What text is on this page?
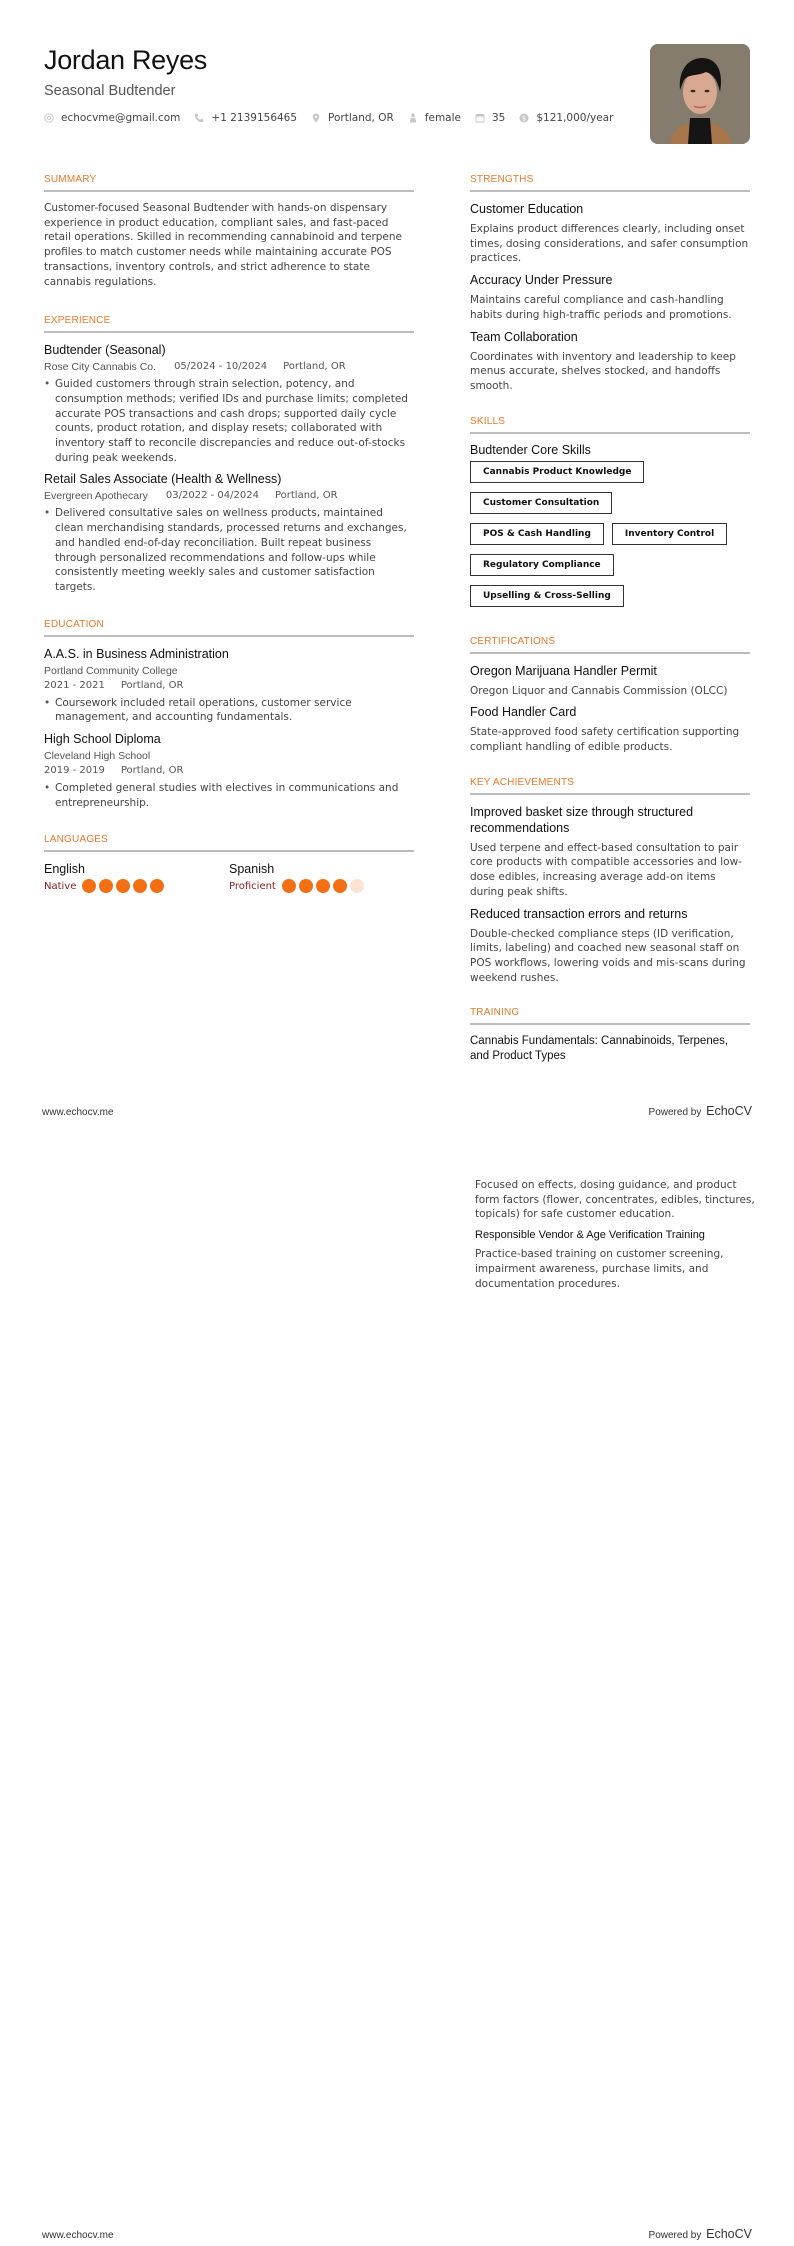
Jordan Reyes
Seasonal Budtender
echocvme@gmail.com	+1 2139156465	Portland, OR	female	35 $ $121,000/year
SUMMARY
Customer-focused Seasonal Budtender with hands-on dispensary experience in product education, compliant sales, and fast-paced retail operations. Skilled in recommending cannabinoid and terpene profiles to match customer needs while maintaining accurate POS transactions, inventory controls, and strict adherence to state cannabis regulations.
EXPERIENCE
Budtender (Seasonal)
Rose City Cannabis Co. 05/2024 - 10/2024 Portland, OR
• Guided customers through strain selection, potency, and consumption methods; verified IDs and purchase limits; completed accurate POS transactions and cash drops; supported daily cycle counts, product rotation, and display resets; collaborated with inventory staff to reconcile discrepancies and reduce out-of-stocks during peak weekends.
Retail Sales Associate (Health & Wellness)
Evergreen Apothecary 03/2022 - 04/2024 Portland, OR
• Delivered consultative sales on wellness products, maintained clean merchandising standards, processed returns and exchanges, and handled end-of-day reconciliation. Built repeat business through personalized recommendations and follow-ups while consistently meeting weekly sales and customer satisfaction targets.
EDUCATION
A.A.S. in Business Administration
Portland Community College
2021 - 2021 Portland, OR
• Coursework included retail operations, customer service management, and accounting fundamentals.
High School Diploma
Cleveland High School
2019 - 2019 Portland, OR
• Completed general studies with electives in communications and entrepreneurship.
LANGUAGES
English
Native
Spanish
Proficient
STRENGTHS
Customer Education
Explains product differences clearly, including onset times, dosing considerations, and safer consumption practices.
Accuracy Under Pressure
Maintains careful compliance and cash-handling habits during high-traffic periods and promotions.
Team Collaboration
Coordinates with inventory and leadership to keep menus accurate, shelves stocked, and handoffs smooth.
SKILLS
Budtender Core Skills
Cannabis Product Knowledge
Customer Consultation
POS & Cash Handling	Inventory Control
Regulatory Compliance
Upselling & Cross-Selling
CERTIFICATIONS
Oregon Marijuana Handler Permit
Oregon Liquor and Cannabis Commission (OLCC)
Food Handler Card
State-approved food safety certification supporting compliant handling of edible products.
KEY ACHIEVEMENTS
Improved basket size through structured recommendations
Used terpene and effect-based consultation to pair core products with compatible accessories and low-dose edibles, increasing average add-on items during peak shifts.
Reduced transaction errors and returns
Double-checked compliance steps (ID verification, limits, labeling) and coached new seasonal staff on POS workflows, lowering voids and mis-scans during weekend rushes.
TRAINING
Cannabis Fundamentals: Cannabinoids, Terpenes, and Product Types
www.echocv.me	Powered by EchoCV
Focused on effects, dosing guidance, and product form factors (flower, concentrates, edibles, tinctures, topicals) for safe customer education.
Responsible Vendor & Age Verification Training
Practice-based training on customer screening, impairment awareness, purchase limits, and documentation procedures.
www.echocv.me	Powered by EchoCV
